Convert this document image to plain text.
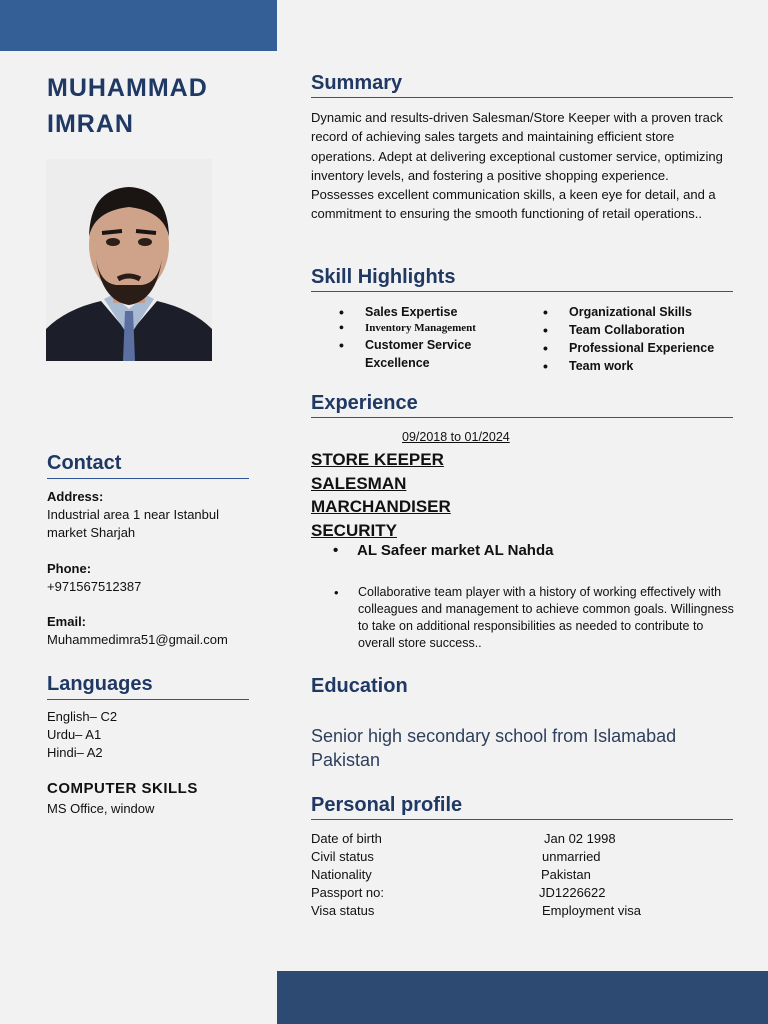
MUHAMMAD
IMRAN
Contact
Address:
Industrial area 1 near Istanbul
market Sharjah
Phone:
+971567512387
Email:
Muhammedimra51@gmail.com
Languages
English– C2
Urdu– A1
Hindi– A2
COMPUTER SKILLS
MS Office, window
Summary
Dynamic and results-driven Salesman/Store Keeper with a proven track record of achieving sales targets and maintaining efficient store operations. Adept at delivering exceptional customer service, optimizing inventory levels, and fostering a positive shopping experience. Possesses excellent communication skills, a keen eye for detail, and a commitment to ensuring the smooth functioning of retail operations..
Skill Highlights
• Sales Expertise
• Inventory Management
• Customer Service Excellence
• Organizational Skills
• Team Collaboration
• Professional Experience
• Team work
Experience
09/2018 to 01/2024
STORE KEEPER
SALESMAN
MARCHANDISER
SECURITY
• AL Safeer market AL Nahda
• Collaborative team player with a history of working effectively with colleagues and management to achieve common goals. Willingness to take on additional responsibilities as needed to contribute to overall store success..
Education
Senior high secondary school from Islamabad Pakistan
Personal profile
Date of birth	Jan 02 1998
Civil status	unmarried
Nationality	Pakistan
Passport no:	JD1226622
Visa status	Employment visa
